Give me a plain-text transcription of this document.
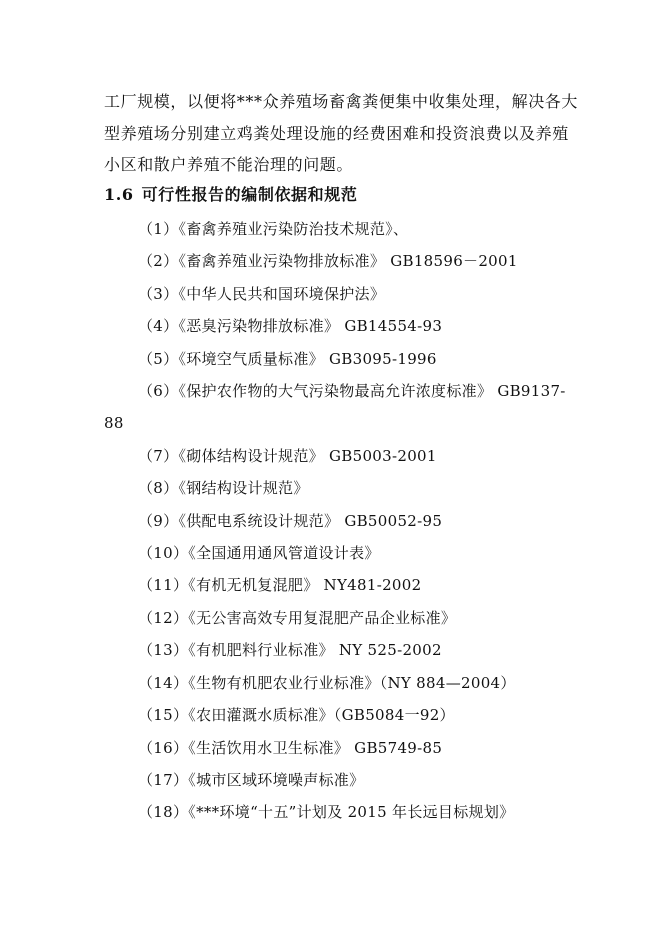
工厂规模，以便将***众养殖场畜禽粪便集中收集处理，解决各大
型养殖场分别建立鸡粪处理设施的经费困难和投资浪费以及养殖
小区和散户养殖不能治理的问题。

1.6 可行性报告的编制依据和规范
（1）《畜禽养殖业污染防治技术规范》、
（2）《畜禽养殖业污染物排放标准》 GB18596－2001
（3）《中华人民共和国环境保护法》
（4）《恶臭污染物排放标准》 GB14554-93
（5）《环境空气质量标准》 GB3095-1996
（6）《保护农作物的大气污染物最高允许浓度标准》 GB9137-
88
（7）《砌体结构设计规范》 GB5003-2001
（8）《钢结构设计规范》
（9）《供配电系统设计规范》 GB50052-95
（10）《全国通用通风管道设计表》
（11）《有机无机复混肥》 NY481-2002
（12）《无公害高效专用复混肥产品企业标准》
（13）《有机肥料行业标准》 NY 525-2002
（14）《生物有机肥农业行业标准》（NY 884—2004）
（15）《农田灌溉水质标准》（GB5084一92）
（16）《生活饮用水卫生标准》 GB5749-85
（17）《城市区域环境噪声标准》
（18）《***环境“十五”计划及 2015 年长远目标规划》
